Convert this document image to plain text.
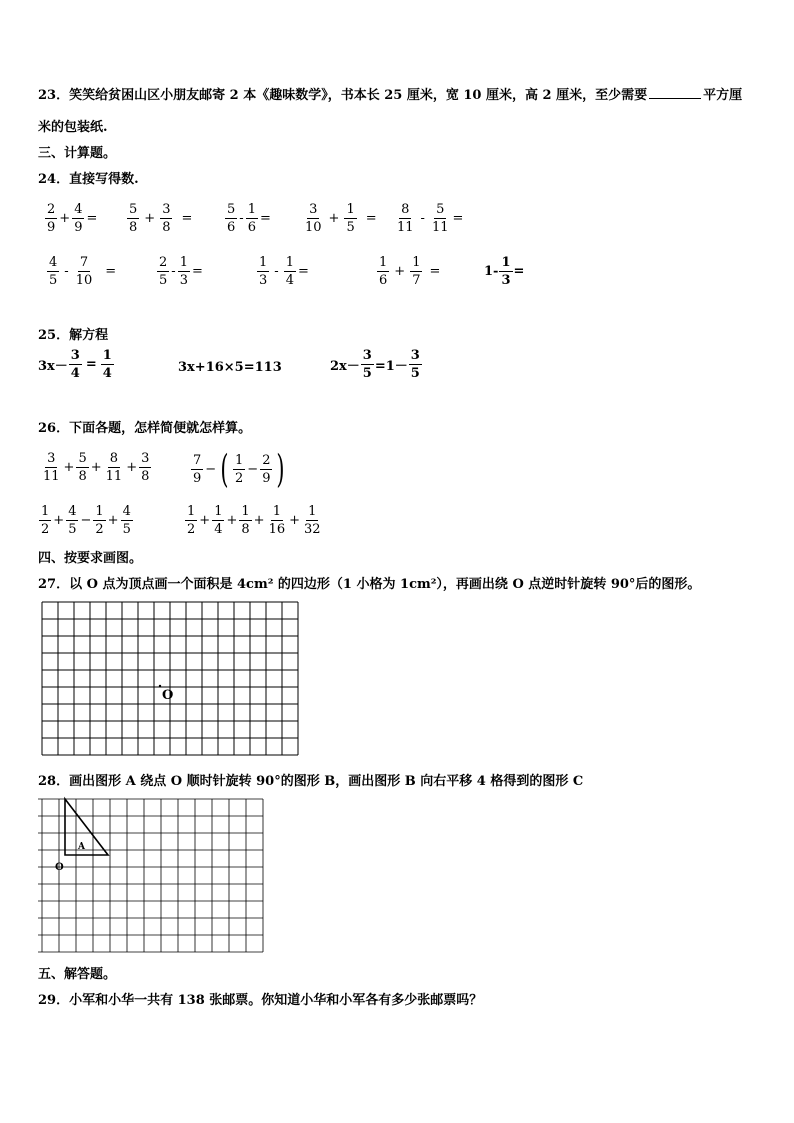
23．笑笑给贫困山区小朋友邮寄 2 本《趣味数学》，书本长 25 厘米，宽 10 厘米，高 2 厘米，至少需要	平方厘
米的包装纸.
三、计算题。
24．直接写得数.
$\frac{2}{9} + \frac{4}{9} = \frac{5}{8} + \frac{3}{8}$ =	$\frac{5}{6} - \frac{1}{6} = \frac{3}{10} + \frac{1}{5} = \frac{8}{11} - \frac{5}{11}$ =
$\frac{4}{5} - \frac{7}{10}$ =	$\frac{2}{5} - \frac{1}{3}$ =	$\frac{1}{3} - \frac{1}{4}$ =	$\frac{1}{6} + \frac{1}{7}$ =	$1 - \frac{1}{3}$ =
25．解方程
$3x- \frac{3}{4} = \frac{1}{4}$	3x+16×5=113	$2x- \frac{3}{5} =1- \frac{3}{5}$
26．下面各题，怎样简便就怎样算。
$\frac{3}{11} + \frac{5}{8} + \frac{8}{11} + \frac{3}{8}$	$\frac{7}{9}$ − ( $\frac{1}{2} - \frac{2}{9}$ )
$\frac{1}{2} + \frac{4}{5} - \frac{1}{2} + \frac{4}{5}$	$\frac{1}{2} + \frac{1}{4} + \frac{1}{8} + \frac{1}{16} + \frac{1}{32}$
四、按要求画图。
27．以 O 点为顶点画一个面积是 4cm² 的四边形（1 小格为 1cm²），再画出绕 O 点逆时针旋转 90°后的图形。
O
28．画出图形 A 绕点 O 顺时针旋转 90°的图形 B，画出图形 B 向右平移 4 格得到的图形 C
A
O
五、解答题。
29．小军和小华一共有 138 张邮票。你知道小华和小军各有多少张邮票吗？
